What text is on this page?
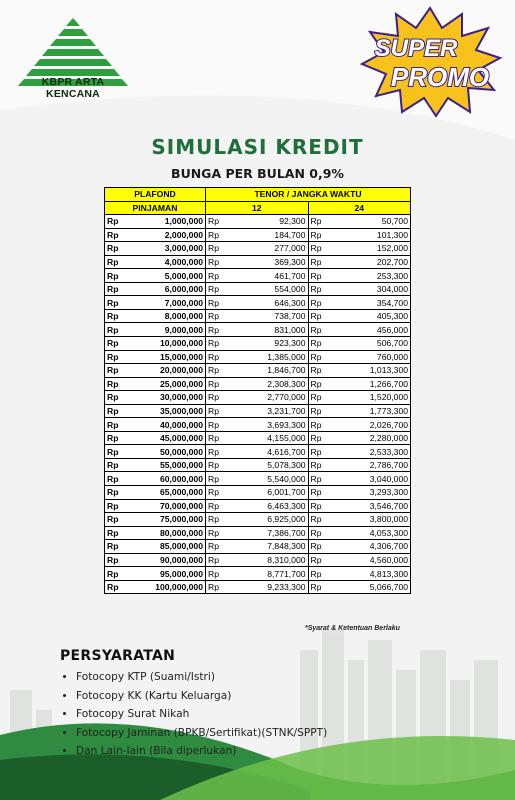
KBPR ARTA KENCANA
SUPER
PROMO
SIMULASI KREDIT
BUNGA PER BULAN 0,9%
PLAFOND		TENOR / JANGKA WAKTU			
PINJAMAN		12		24	
Rp	1,000,000	Rp	92,300	Rp	50,700
Rp	2,000,000	Rp	184,700	Rp	101,300
Rp	3,000,000	Rp	277,000	Rp	152,000
Rp	4,000,000	Rp	369,300	Rp	202,700
Rp	5,000,000	Rp	461,700	Rp	253,300
Rp	6,000,000	Rp	554,000	Rp	304,000
Rp	7,000,000	Rp	646,300	Rp	354,700
Rp	8,000,000	Rp	738,700	Rp	405,300
Rp	9,000,000	Rp	831,000	Rp	456,000
Rp	10,000,000	Rp	923,300	Rp	506,700
Rp	15,000,000	Rp	1,385,000	Rp	760,000
Rp	20,000,000	Rp	1,846,700	Rp	1,013,300
Rp	25,000,000	Rp	2,308,300	Rp	1,266,700
Rp	30,000,000	Rp	2,770,000	Rp	1,520,000
Rp	35,000,000	Rp	3,231,700	Rp	1,773,300
Rp	40,000,000	Rp	3,693,300	Rp	2,026,700
Rp	45,000,000	Rp	4,155,000	Rp	2,280,000
Rp	50,000,000	Rp	4,616,700	Rp	2,533,300
Rp	55,000,000	Rp	5,078,300	Rp	2,786,700
Rp	60,000,000	Rp	5,540,000	Rp	3,040,000
Rp	65,000,000	Rp	6,001,700	Rp	3,293,300
Rp	70,000,000	Rp	6,463,300	Rp	3,546,700
Rp	75,000,000	Rp	6,925,000	Rp	3,800,000
Rp	80,000,000	Rp	7,386,700	Rp	4,053,300
Rp	85,000,000	Rp	7,848,300	Rp	4,306,700
Rp	90,000,000	Rp	8,310,000	Rp	4,560,000
Rp	95,000,000	Rp	8,771,700	Rp	4,813,300
Rp	100,000,000	Rp	9,233,300	Rp	5,066,700
*Syarat & Ketentuan Berlaku
PERSYARATAN
• Fotocopy KTP (Suami/Istri)
• Fotocopy KK (Kartu Keluarga)
• Fotocopy Surat Nikah
• Fotocopy Jaminan (BPKB/Sertifikat)(STNK/SPPT)
• Dan Lain-lain (Bila diperlukan)
